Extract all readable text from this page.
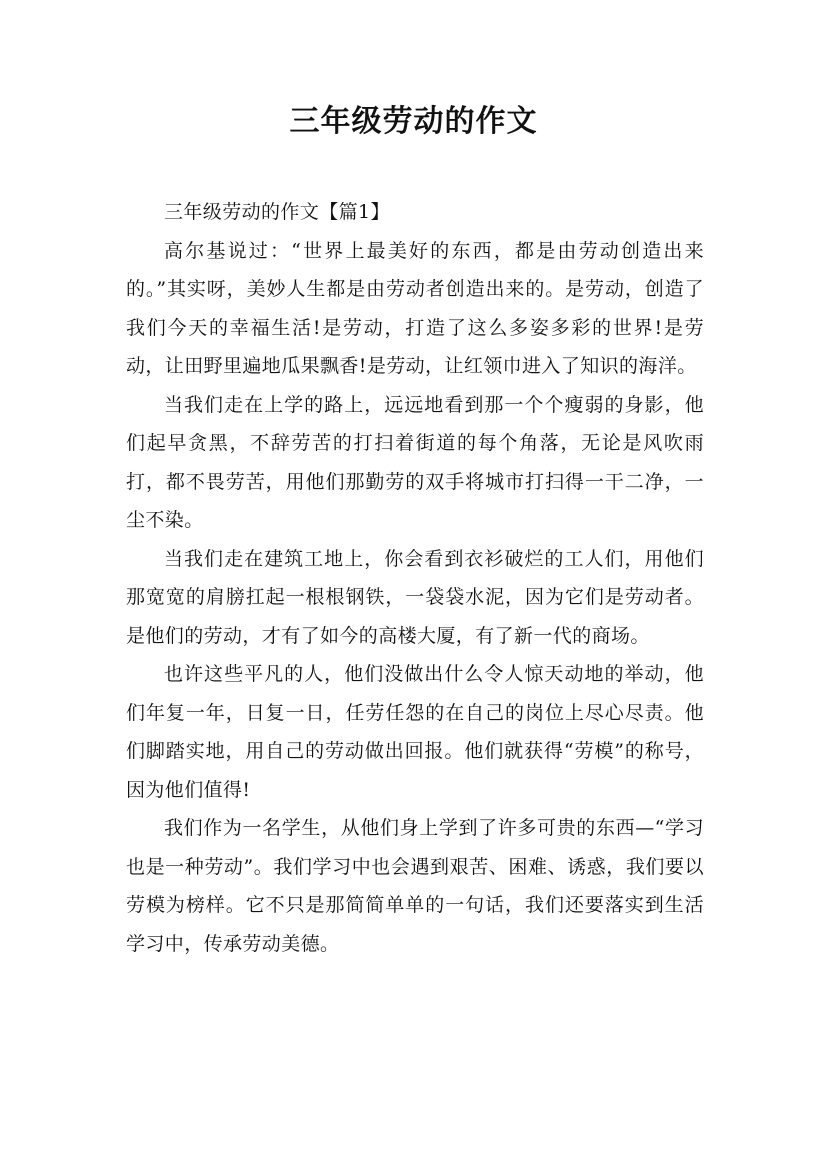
三年级劳动的作文

三年级劳动的作文【篇1】

高尔基说过：“世界上最美好的东西，都是由劳动创造出来的。”其实呀，美妙人生都是由劳动者创造出来的。是劳动，创造了我们今天的幸福生活!是劳动，打造了这么多姿多彩的世界!是劳动，让田野里遍地瓜果飘香!是劳动，让红领巾进入了知识的海洋。

当我们走在上学的路上，远远地看到那一个个瘦弱的身影，他们起早贪黑，不辞劳苦的打扫着街道的每个角落，无论是风吹雨打，都不畏劳苦，用他们那勤劳的双手将城市打扫得一干二净，一尘不染。

当我们走在建筑工地上，你会看到衣衫破烂的工人们，用他们那宽宽的肩膀扛起一根根钢铁，一袋袋水泥，因为它们是劳动者。是他们的劳动，才有了如今的高楼大厦，有了新一代的商场。

也许这些平凡的人，他们没做出什么令人惊天动地的举动，他们年复一年，日复一日，任劳任怨的在自己的岗位上尽心尽责。他们脚踏实地，用自己的劳动做出回报。他们就获得“劳模”的称号，因为他们值得!

我们作为一名学生，从他们身上学到了许多可贵的东西—“学习也是一种劳动”。我们学习中也会遇到艰苦、困难、诱惑，我们要以劳模为榜样。它不只是那简简单单的一句话，我们还要落实到生活学习中，传承劳动美德。
